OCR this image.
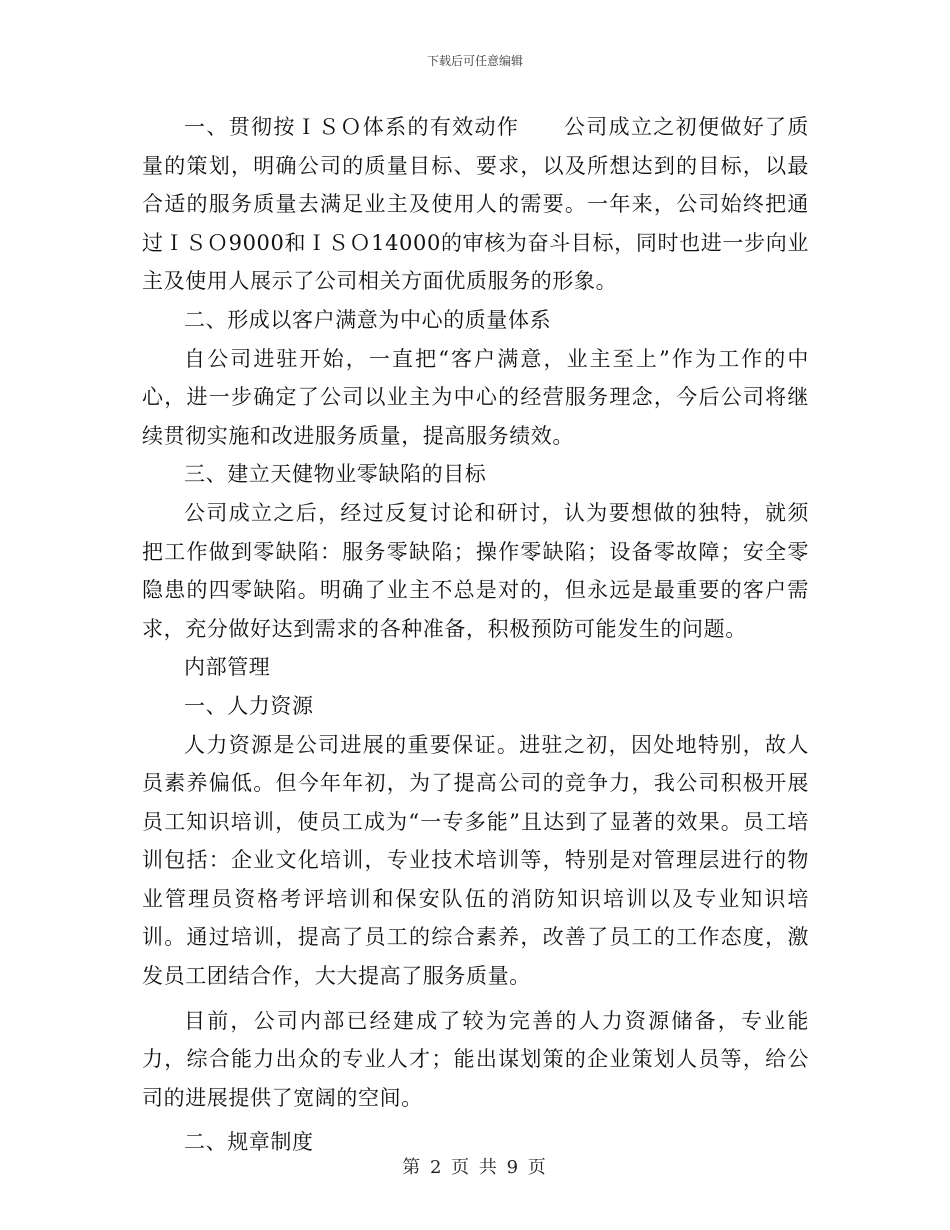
下载后可任意编辑

一、贯彻按ＩＳＯ体系的有效动作　　公司成立之初便做好了质量的策划，明确公司的质量目标、要求，以及所想达到的目标，以最合适的服务质量去满足业主及使用人的需要。一年来，公司始终把通过ＩＳＯ9000和ＩＳＯ14000的审核为奋斗目标，同时也进一步向业主及使用人展示了公司相关方面优质服务的形象。

二、形成以客户满意为中心的质量体系

自公司进驻开始，一直把“客户满意，业主至上”作为工作的中心，进一步确定了公司以业主为中心的经营服务理念，今后公司将继续贯彻实施和改进服务质量，提高服务绩效。

三、建立天健物业零缺陷的目标

公司成立之后，经过反复讨论和研讨，认为要想做的独特，就须把工作做到零缺陷：服务零缺陷；操作零缺陷；设备零故障；安全零隐患的四零缺陷。明确了业主不总是对的，但永远是最重要的客户需求，充分做好达到需求的各种准备，积极预防可能发生的问题。

内部管理

一、人力资源

人力资源是公司进展的重要保证。进驻之初，因处地特别，故人员素养偏低。但今年年初，为了提高公司的竞争力，我公司积极开展员工知识培训，使员工成为“一专多能”且达到了显著的效果。员工培训包括：企业文化培训，专业技术培训等，特别是对管理层进行的物业管理员资格考评培训和保安队伍的消防知识培训以及专业知识培训。通过培训，提高了员工的综合素养，改善了员工的工作态度，激发员工团结合作，大大提高了服务质量。

目前，公司内部已经建成了较为完善的人力资源储备，专业能力，综合能力出众的专业人才；能出谋划策的企业策划人员等，给公司的进展提供了宽阔的空间。

二、规章制度

第 2 页 共 9 页
